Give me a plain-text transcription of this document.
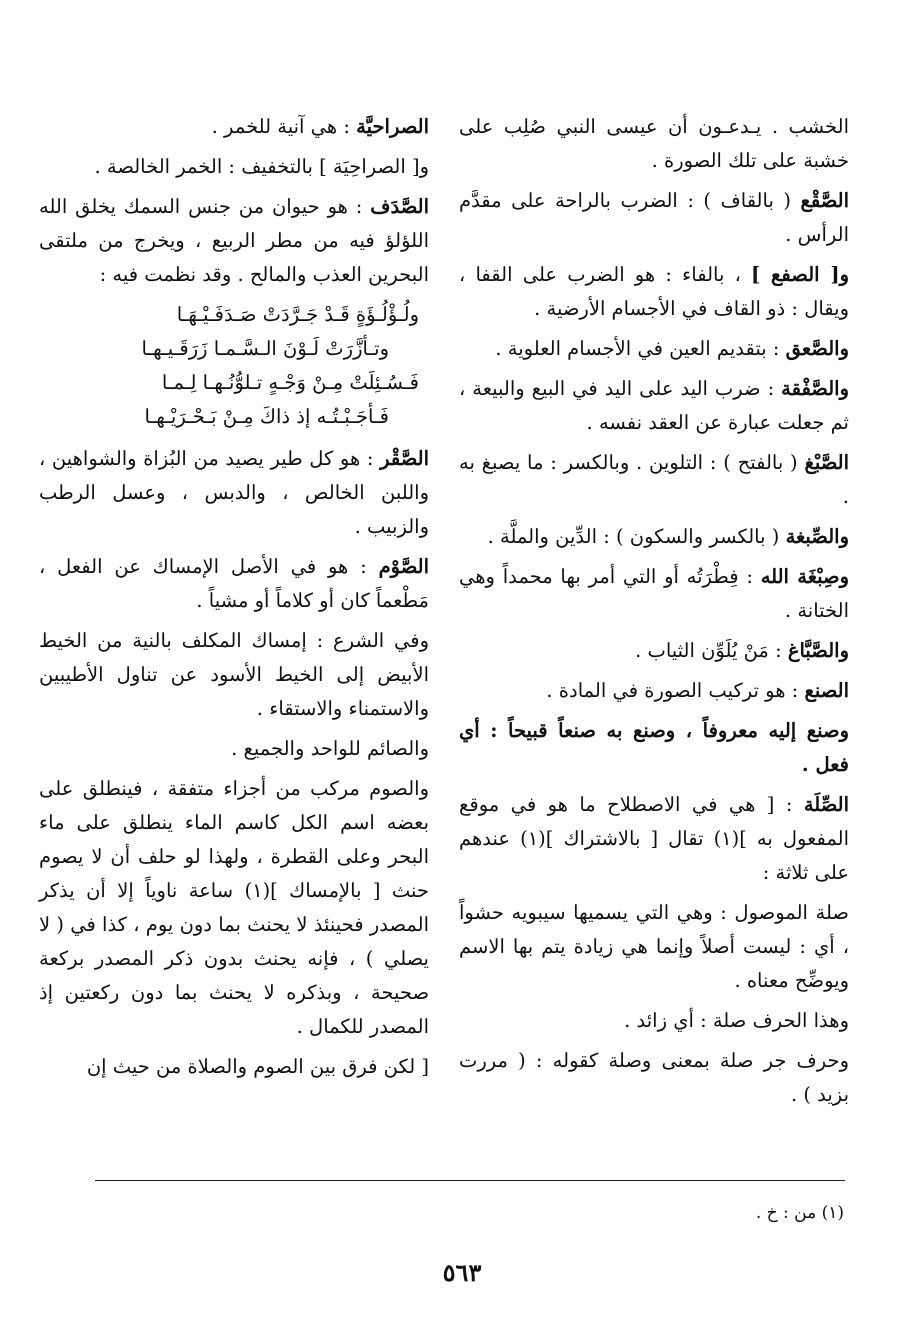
الخشب . يـدعـون أن عيسى النبي صُلِب على خشبة على تلك الصورة .

الصَّقْع ( بالقاف ) : الضرب بالراحة على مقدَّم الرأس .

و[ الصفع ] ، بالفاء : هو الضرب على القفا ، ويقال : ذو القاف في الأجسام الأرضية .

والصَّعق : بتقديم العين في الأجسام العلوية .

والصَّفْقة : ضرب اليد على اليد في البيع والبيعة ، ثم جعلت عبارة عن العقد نفسه .

الصَّبْغ ( بالفتح ) : التلوين . وبالكسر : ما يصبغ به .

والصِّبغة ( بالكسر والسكون ) : الدِّين والملَّة .

وصِبْغَة الله : فِطْرَتُه أو التي أمر بها محمداً وهي الختانة .

والصَّبَّاغ : مَنْ يُلَوِّن الثياب .

الصنع : هو تركيب الصورة في المادة .

وصنع إليه معروفاً ، وصنع به صنعاً قبيحاً : أي فعل .

الصِّلَة : [ هي في الاصطلاح ما هو في موقع المفعول به ](١) تقال [ بالاشتراك ](١) عندهم على ثلاثة :

صلة الموصول : وهي التي يسميها سيبويه حشواً ، أي : ليست أصلاً وإنما هي زيادة يتم بها الاسم ويوضِّح معناه .

وهذا الحرف صلة : أي زائد .

وحرف جر صلة بمعنى وصلة كقوله : ( مررت بزيد ) .

الصراحيَّة : هي آنية للخمر .

و[ الصراحِيَة ] بالتخفيف : الخمر الخالصة .

الصَّدَف : هو حيوان من جنس السمك يخلق الله اللؤلؤ فيه من مطر الربيع ، ويخرج من ملتقى البحرين العذب والمالح . وقد نظمت فيه :

ولُـؤْلُـؤَةٍ قَـدْ جَـرَّدَتْ صَـدَفَـيْـهَـا
وتـأزَّرَتْ لَـوْنَ الـسَّـمـا زَرَقَـيـهـا
فَـسُـئِلَتْ مِـنْ وَجْـهٍ تـلوُّنُـهـا لِـمـا
فَـأجَـبْـتُـه إذ ذاكَ مِـنْ بَـحْـرَيْـهـا

الصَّقْر : هو كل طير يصيد من البُزاة والشواهين ، واللبن الخالص ، والدبس ، وعسل الرطب والزبيب .

الصَّوْم : هو في الأصل الإمساك عن الفعل ، مَطْعماً كان أو كلاماً أو مشياً .

وفي الشرع : إمساك المكلف بالنية من الخيط الأبيض إلى الخيط الأسود عن تناول الأطيبين والاستمناء والاستقاء .

والصائم للواحد والجميع .

والصوم مركب من أجزاء متفقة ، فينطلق على بعضه اسم الكل كاسم الماء ينطلق على ماء البحر وعلى القطرة ، ولهذا لو حلف أن لا يصوم حنث [ بالإمساك ](١) ساعة ناوياً إلا أن يذكر المصدر فحينئذ لا يحنث بما دون يوم ، كذا في ( لا يصلي ) ، فإنه يحنث بدون ذكر المصدر بركعة صحيحة ، وبذكره لا يحنث بما دون ركعتين إذ المصدر للكمال .

[ لكن فرق بين الصوم والصلاة من حيث إن

(١) من : خ .
٥٦٣
